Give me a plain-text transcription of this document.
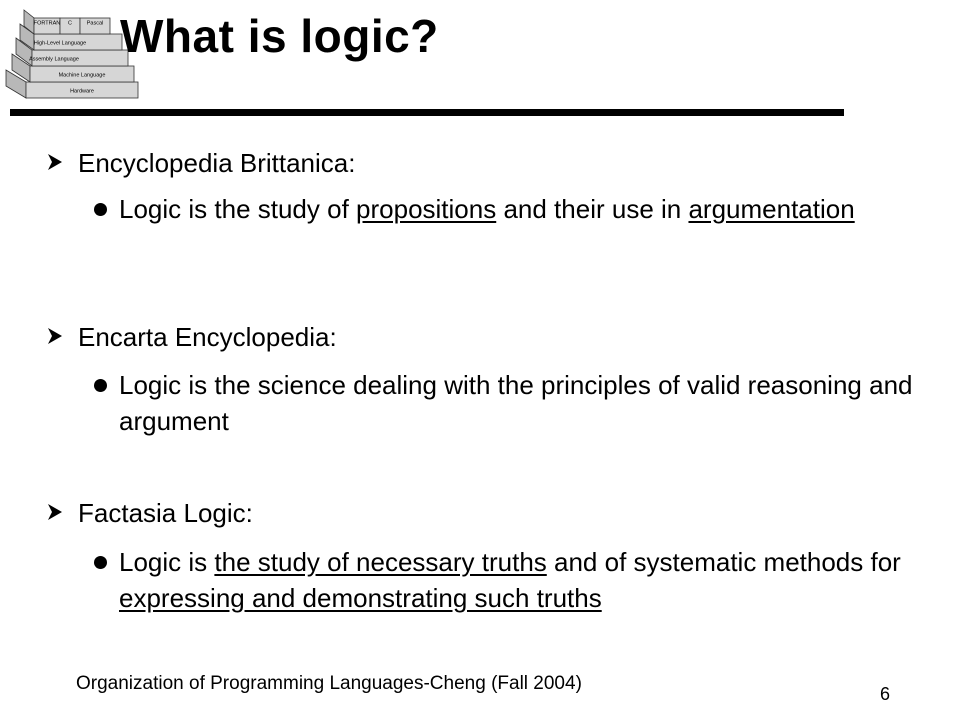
Hardware
Machine Language
Assembly Language
High-Level Language
FORTRAN C	Pascal What is logic?
Encyclopedia Brittanica:
Logic is the study of propositions and their use in argumentation
Encarta Encyclopedia:
Logic is the science dealing with the principles of valid reasoning and argument
Factasia Logic:
Logic is the study of necessary truths and of systematic methods for expressing and demonstrating such truths
Organization of Programming Languages-Cheng (Fall 2004)	6
